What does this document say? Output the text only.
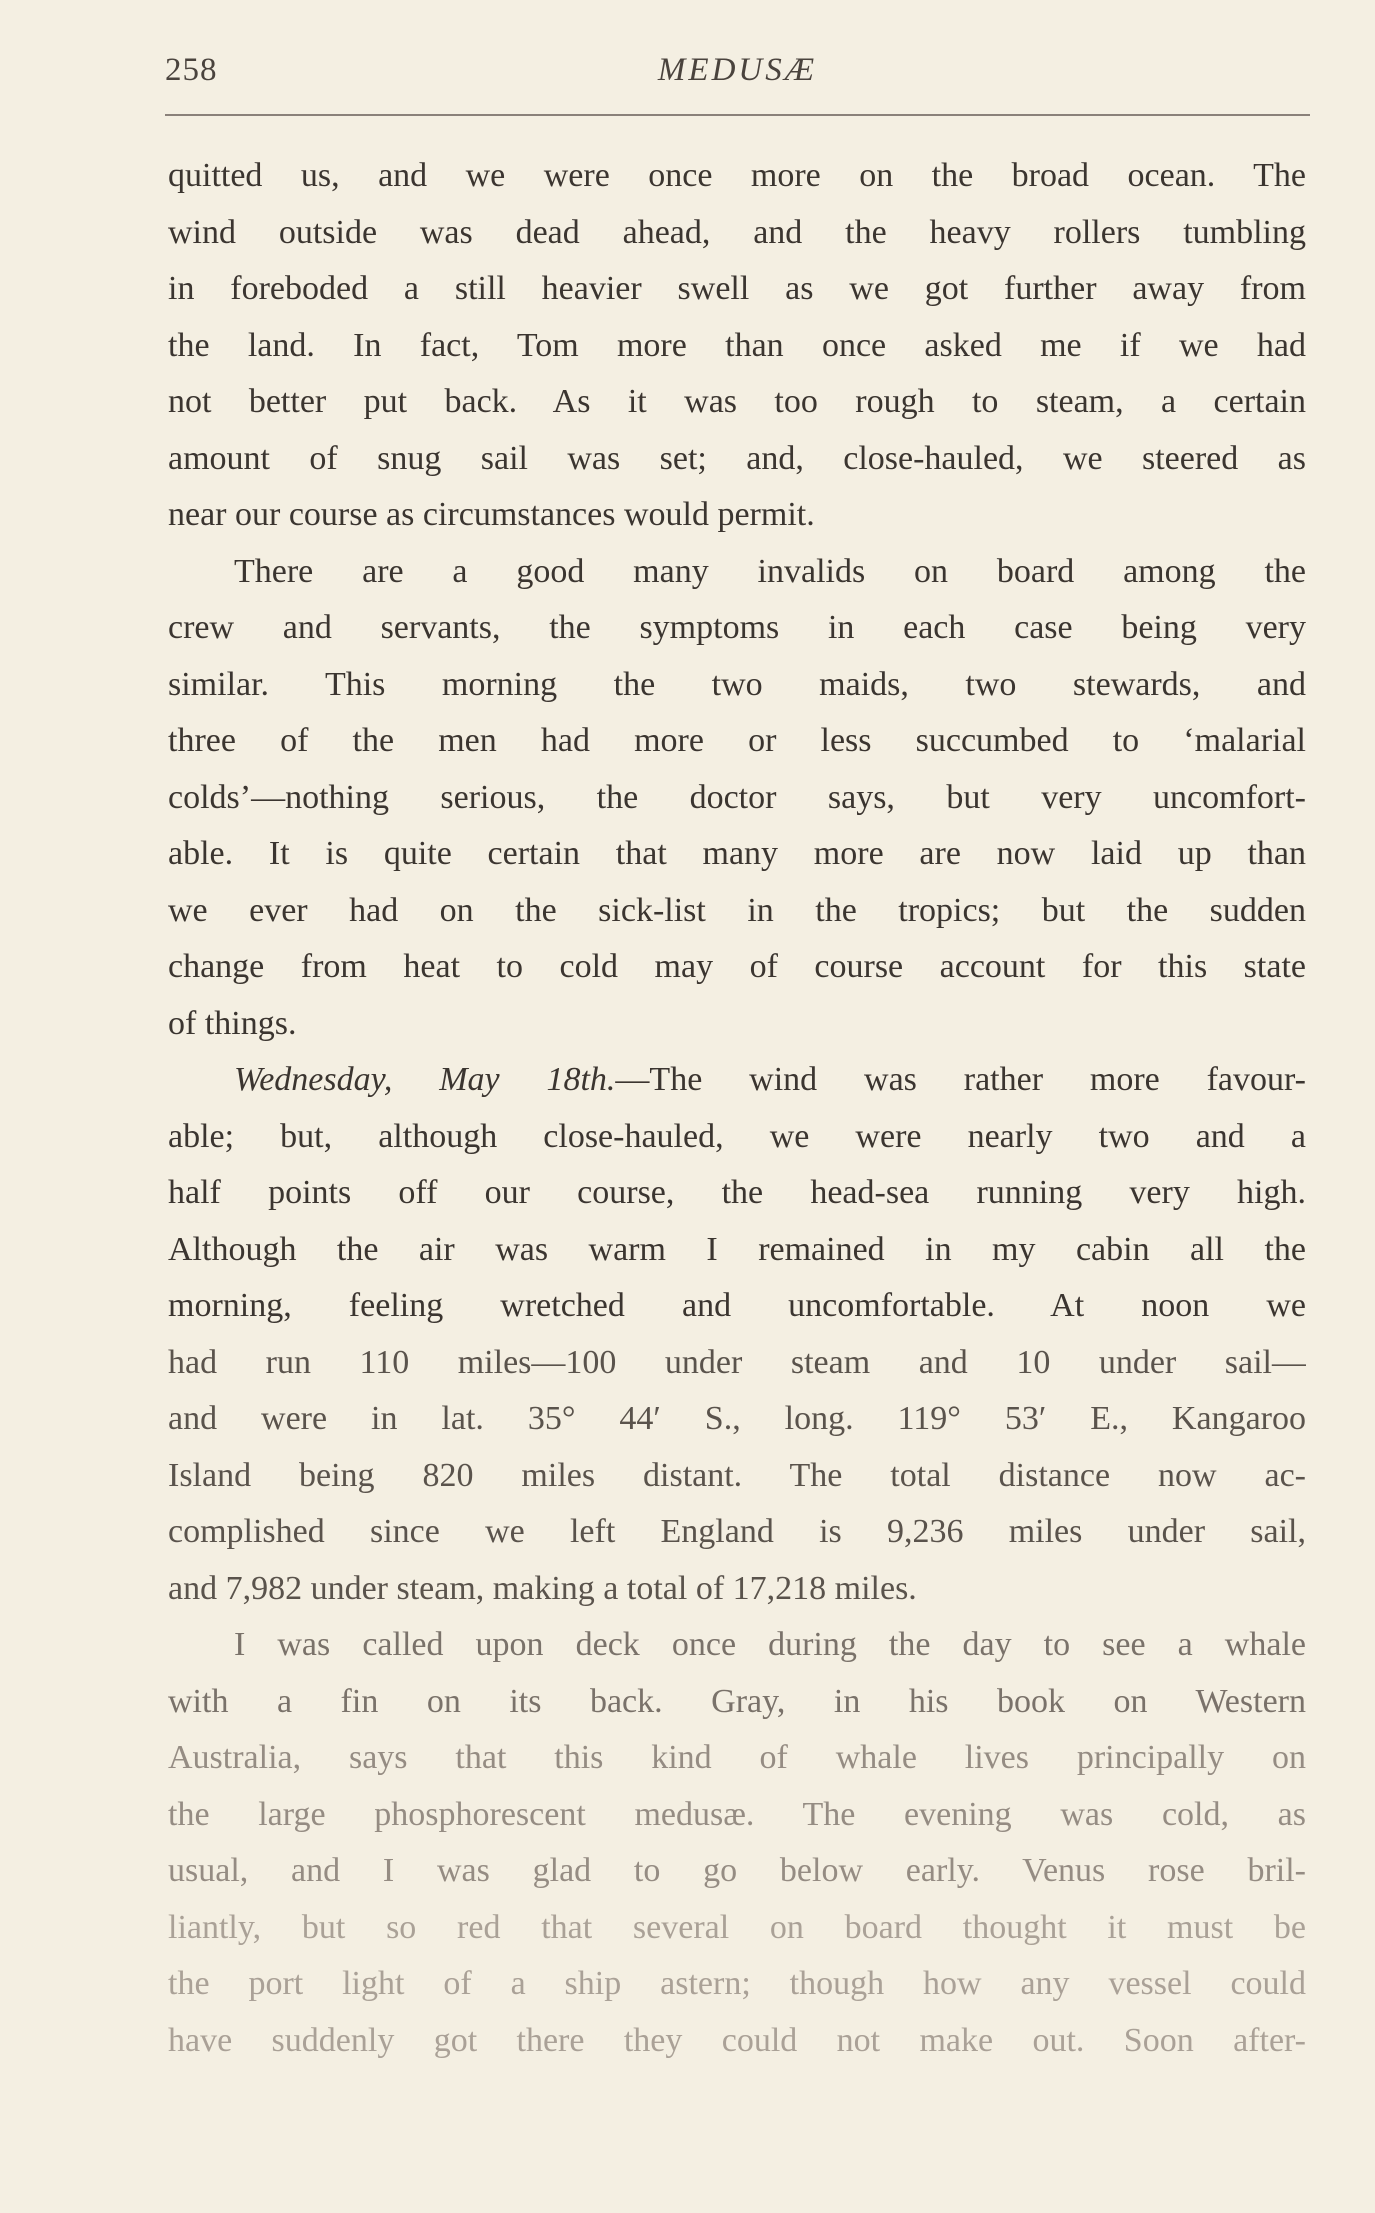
258	MEDUSÆ
quitted us, and we were once more on the broad ocean. The
wind outside was dead ahead, and the heavy rollers tumbling
in foreboded a still heavier swell as we got further away from
the land. In fact, Tom more than once asked me if we had
not better put back. As it was too rough to steam, a certain
amount of snug sail was set; and, close-hauled, we steered as
near our course as circumstances would permit.
There are a good many invalids on board among the
crew and servants, the symptoms in each case being very
similar. This morning the two maids, two stewards, and
three of the men had more or less succumbed to ‘malarial
colds’—nothing serious, the doctor says, but very uncomfort-
able. It is quite certain that many more are now laid up than
we ever had on the sick-list in the tropics; but the sudden
change from heat to cold may of course account for this state
of things.
Wednesday, May 18th.—The wind was rather more favour-
able; but, although close-hauled, we were nearly two and a
half points off our course, the head-sea running very high.
Although the air was warm I remained in my cabin all the
morning, feeling wretched and uncomfortable. At noon we
had run 110 miles—100 under steam and 10 under sail—
and were in lat. 35° 44′ S., long. 119° 53′ E., Kangaroo
Island being 820 miles distant. The total distance now ac-
complished since we left England is 9,236 miles under sail,
and 7,982 under steam, making a total of 17,218 miles.
I was called upon deck once during the day to see a whale
with a fin on its back. Gray, in his book on Western
Australia, says that this kind of whale lives principally on
the large phosphorescent medusæ. The evening was cold, as
usual, and I was glad to go below early. Venus rose bril-
liantly, but so red that several on board thought it must be
the port light of a ship astern; though how any vessel could
have suddenly got there they could not make out. Soon after-
